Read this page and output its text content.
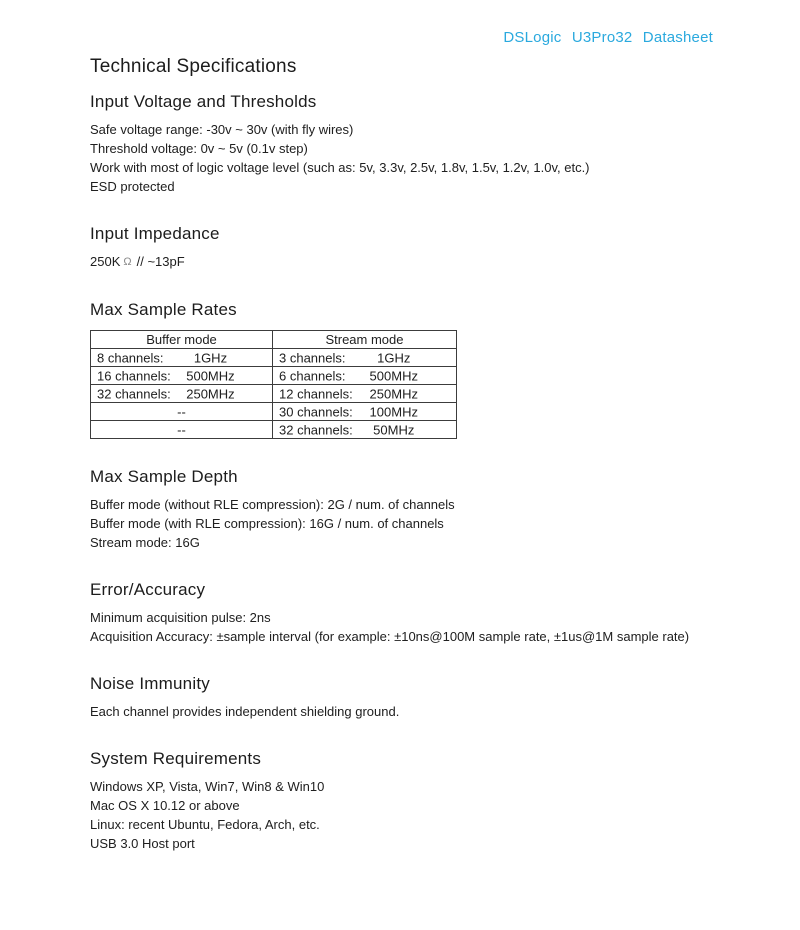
DSLogic U3Pro32 Datasheet
Technical Specifications
Input Voltage and Thresholds

Safe voltage range: -30v ~ 30v (with fly wires)

Threshold voltage: 0v ~ 5v (0.1v step)

Work with most of logic voltage level (such as: 5v, 3.3v, 2.5v, 1.8v, 1.5v, 1.2v, 1.0v, etc.)

ESD protected

Input Impedance

250K Ω // ~13pF

Max Sample Rates
Buffer mode	Stream mode

8 channels: 1GHz	3 channels: 1GHz

16 channels: 500MHz	6 channels: 500MHz

32 channels: 250MHz	12 channels: 250MHz

--	30 channels: 100MHz

--	32 channels: 50MHz
Max Sample Depth

Buffer mode (without RLE compression): 2G / num. of channels

Buffer mode (with RLE compression): 16G / num. of channels

Stream mode: 16G

Error/Accuracy

Minimum acquisition pulse: 2ns

Acquisition Accuracy: ±sample interval (for example: ±10ns@100M sample rate, ±1us@1M sample rate)

Noise Immunity

Each channel provides independent shielding ground.

System Requirements

Windows XP, Vista, Win7, Win8 & Win10

Mac OS X 10.12 or above

Linux: recent Ubuntu, Fedora, Arch, etc.

USB 3.0 Host port
